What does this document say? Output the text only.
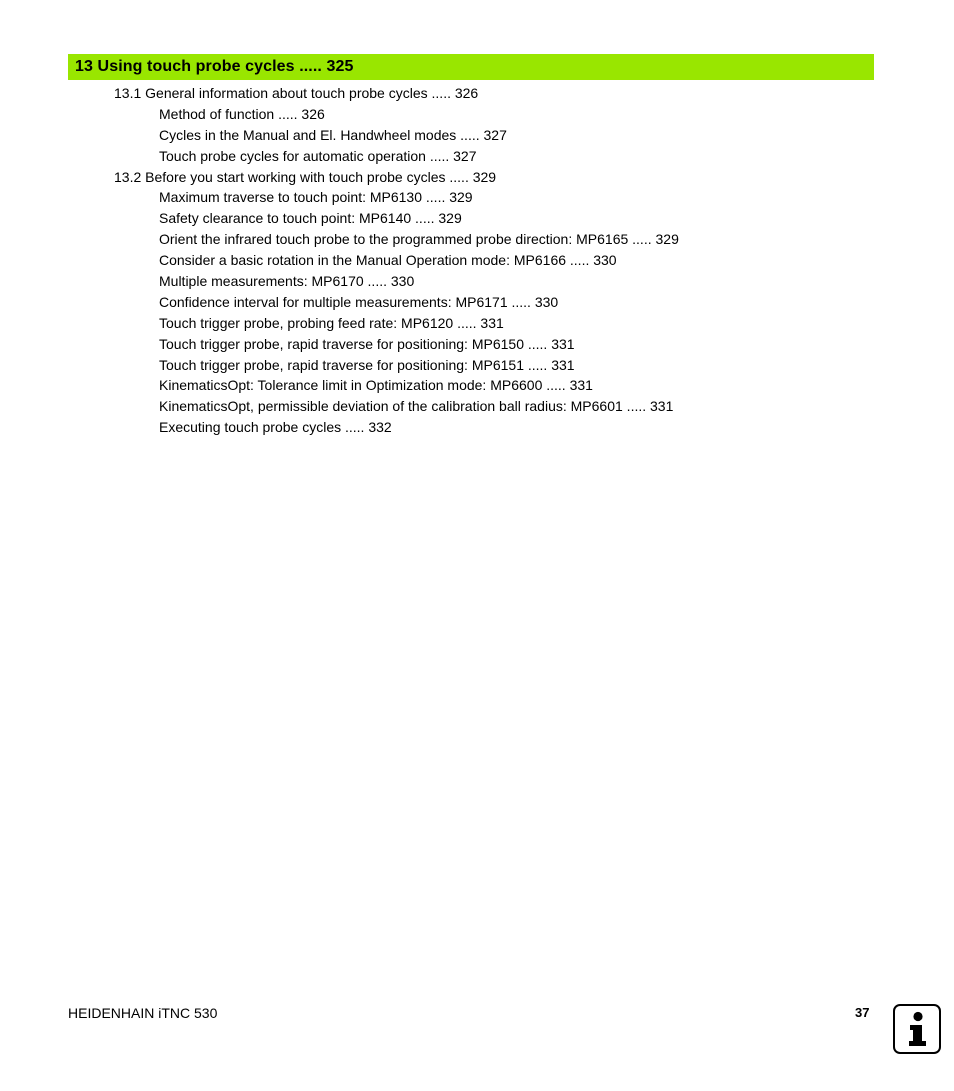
13 Using touch probe cycles ..... 325
13.1 General information about touch probe cycles ..... 326
Method of function ..... 326
Cycles in the Manual and El. Handwheel modes ..... 327
Touch probe cycles for automatic operation ..... 327
13.2 Before you start working with touch probe cycles ..... 329
Maximum traverse to touch point: MP6130 ..... 329
Safety clearance to touch point: MP6140 ..... 329
Orient the infrared touch probe to the programmed probe direction: MP6165 ..... 329
Consider a basic rotation in the Manual Operation mode: MP6166 ..... 330
Multiple measurements: MP6170 ..... 330
Confidence interval for multiple measurements: MP6171 ..... 330
Touch trigger probe, probing feed rate: MP6120 ..... 331
Touch trigger probe, rapid traverse for positioning: MP6150 ..... 331
Touch trigger probe, rapid traverse for positioning: MP6151 ..... 331
KinematicsOpt: Tolerance limit in Optimization mode: MP6600 ..... 331
KinematicsOpt, permissible deviation of the calibration ball radius: MP6601 ..... 331
Executing touch probe cycles ..... 332
HEIDENHAIN iTNC 530	37
